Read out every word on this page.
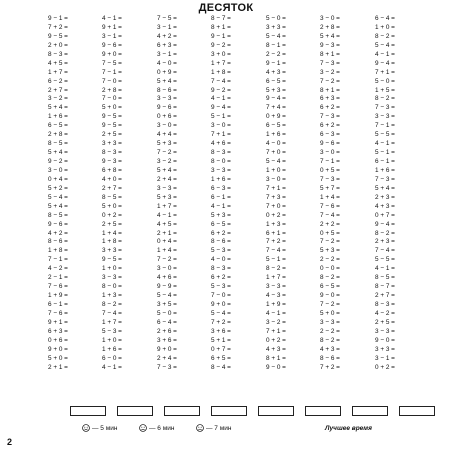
ДЕСЯТОК
9 − 1 =
7 + 2 =
9 − 5 =
2 + 0 =
8 − 3 =
4 + 5 =
1 + 7 =
6 − 2 =
2 + 7 =
3 − 2 =
5 + 4 =
1 + 6 =
6 − 5 =
2 + 8 =
8 − 5 =
5 + 4 =
9 − 2 =
3 − 0 =
0 + 4 =
5 + 2 =
5 − 4 =
5 + 4 =
8 − 5 =
9 − 6 =
4 + 2 =
8 − 6 =
1 + 8 =
7 − 1 =
4 − 2 =
2 − 1 =
7 − 6 =
1 + 9 =
6 − 1 =
7 − 6 =
9 + 1 =
6 + 3 =
0 + 6 =
9 + 0 =
5 + 0 =
2 + 1 =
4 − 1 =
9 + 1 =
3 − 1 =
9 − 6 =
9 + 0 =
7 − 5 =
7 − 1 =
7 − 0 =
2 + 8 =
7 − 0 =
5 + 0 =
9 − 5 =
9 − 5 =
2 + 5 =
3 + 3 =
8 − 3 =
9 − 3 =
6 + 8 =
4 + 0 =
2 + 7 =
8 − 5 =
5 + 0 =
0 + 2 =
2 + 5 =
1 + 4 =
1 + 8 =
3 + 3 =
9 − 5 =
1 + 0 =
3 − 3 =
8 − 0 =
1 + 3 =
8 − 2 =
7 − 4 =
1 + 7 =
5 − 3 =
1 + 0 =
1 + 6 =
6 − 0 =
4 − 1 =
7 − 5 =
3 − 1 =
4 + 2 =
6 + 3 =
3 − 1 =
4 − 0 =
0 + 9 =
5 + 4 =
8 − 6 =
3 − 3 =
9 − 6 =
0 + 6 =
3 − 0 =
4 + 4 =
5 + 3 =
7 − 2 =
3 − 2 =
5 + 4 =
2 + 4 =
3 − 3 =
5 + 3 =
1 + 7 =
4 − 1 =
4 + 5 =
2 + 1 =
0 + 4 =
1 + 4 =
7 − 2 =
3 − 0 =
4 + 6 =
9 − 9 =
5 − 4 =
3 + 5 =
5 − 0 =
6 − 4 =
2 + 6 =
3 + 6 =
9 + 0 =
2 + 4 =
7 − 3 =
8 − 7 =
8 + 1 =
9 − 1 =
9 − 2 =
3 + 0 =
1 + 7 =
1 + 8 =
7 − 4 =
9 − 2 =
4 − 1 =
9 − 4 =
5 − 1 =
3 − 0 =
7 + 1 =
4 + 6 =
8 − 3 =
8 − 0 =
3 − 3 =
1 + 6 =
6 − 3 =
6 − 1 =
4 − 1 =
5 + 3 =
6 − 5 =
6 + 2 =
8 − 6 =
5 − 3 =
4 − 0 =
8 − 3 =
6 + 2 =
5 − 3 =
7 − 0 =
9 + 0 =
5 − 4 =
7 + 2 =
3 + 6 =
5 + 1 =
0 + 7 =
6 + 5 =
8 − 4 =
5 − 0 =
3 + 3 =
5 − 4 =
8 − 1 =
2 − 2 =
9 − 1 =
4 + 3 =
6 − 5 =
5 + 3 =
9 − 4 =
7 + 4 =
0 + 9 =
6 − 5 =
1 + 6 =
4 − 0 =
7 + 0 =
5 − 4 =
1 + 0 =
3 − 0 =
7 + 1 =
7 + 3 =
7 + 0 =
0 + 2 =
1 + 3 =
6 + 1 =
7 + 2 =
7 − 4 =
5 − 1 =
8 − 2 =
1 + 7 =
3 − 3 =
4 − 3 =
1 + 9 =
4 − 1 =
3 − 2 =
7 + 1 =
0 + 2 =
4 + 3 =
8 + 1 =
9 − 0 =
3 − 0 =
2 + 8 =
5 + 4 =
9 − 3 =
8 + 1 =
7 − 3 =
3 − 2 =
7 − 2 =
8 + 1 =
6 + 3 =
6 + 2 =
7 − 3 =
6 + 2 =
6 − 3 =
9 − 6 =
3 − 0 =
7 − 1 =
0 + 5 =
7 − 3 =
5 + 7 =
1 + 4 =
7 − 6 =
7 − 4 =
2 + 2 =
0 + 5 =
7 − 2 =
5 + 3 =
2 − 2 =
0 − 0 =
8 − 2 =
6 − 5 =
9 − 0 =
7 − 2 =
5 + 0 =
3 − 3 =
2 − 2 =
8 − 2 =
4 + 3 =
8 − 6 =
7 + 2 =
6 − 4 =
1 + 0 =
8 − 2 =
5 − 4 =
4 − 1 =
9 − 4 =
7 + 1 =
5 − 0 =
1 + 5 =
8 − 2 =
7 − 3 =
3 − 3 =
7 − 1 =
5 − 5 =
4 − 1 =
5 − 1 =
6 − 1 =
1 + 6 =
7 − 3 =
5 + 4 =
2 + 3 =
4 + 3 =
0 + 7 =
9 − 4 =
8 − 2 =
2 + 3 =
7 − 4 =
5 − 5 =
4 − 1 =
8 − 5 =
8 − 7 =
2 + 7 =
8 − 3 =
4 − 2 =
2 + 5 =
3 − 3 =
9 − 0 =
3 + 3 =
3 − 1 =
0 + 2 =
— 5 мин	— 6 мин	— 7 мин	Лучшее время
2
